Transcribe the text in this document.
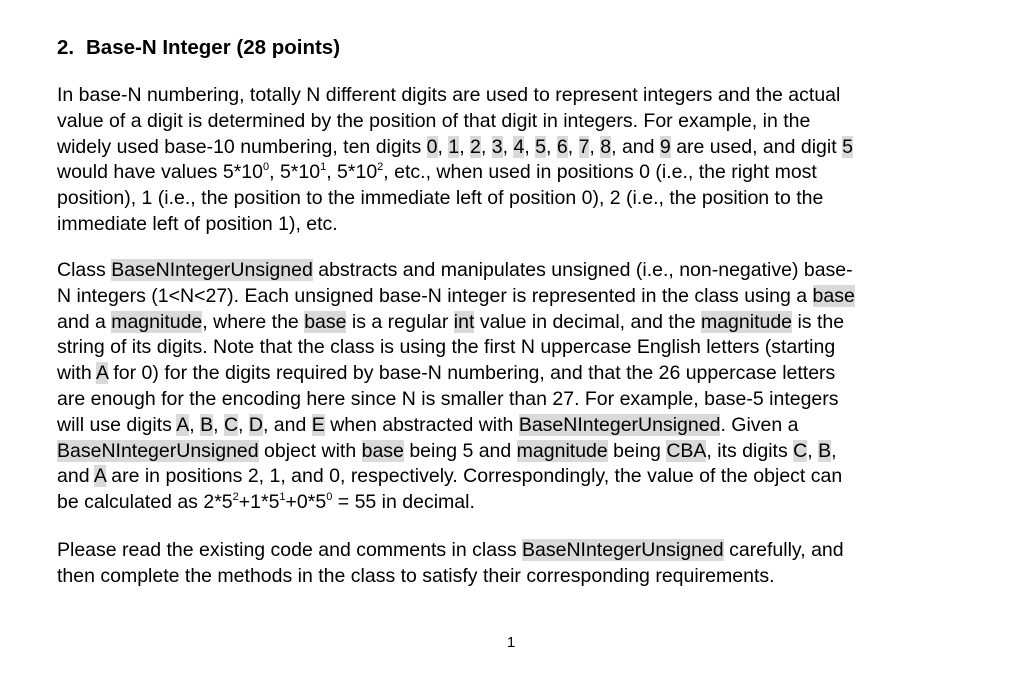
2. Base-N Integer (28 points)
In base-N numbering, totally N different digits are used to represent integers and the actual
value of a digit is determined by the position of that digit in integers. For example, in the
widely used base-10 numbering, ten digits 0, 1, 2, 3, 4, 5, 6, 7, 8, and 9 are used, and digit 5
would have values $5*10^0$, $5*10^1$, $5*10^2$, etc., when used in positions 0 (i.e., the right most
position), 1 (i.e., the position to the immediate left of position 0), 2 (i.e., the position to the
immediate left of position 1), etc.
Class BaseNIntegerUnsigned abstracts and manipulates unsigned (i.e., non-negative) base-
N integers (1<N<27). Each unsigned base-N integer is represented in the class using a base
and a magnitude, where the base is a regular int value in decimal, and the magnitude is the
string of its digits. Note that the class is using the first N uppercase English letters (starting
with A for 0) for the digits required by base-N numbering, and that the 26 uppercase letters
are enough for the encoding here since N is smaller than 27. For example, base-5 integers
will use digits A, B, C, D, and E when abstracted with BaseNIntegerUnsigned. Given a
BaseNIntegerUnsigned object with base being 5 and magnitude being CBA, its digits C, B,
and A are in positions 2, 1, and 0, respectively. Correspondingly, the value of the object can
be calculated as $2*5^2+1*5^1+0*5^0 = 55$ in decimal.
Please read the existing code and comments in class BaseNIntegerUnsigned carefully, and
then complete the methods in the class to satisfy their corresponding requirements.
1
